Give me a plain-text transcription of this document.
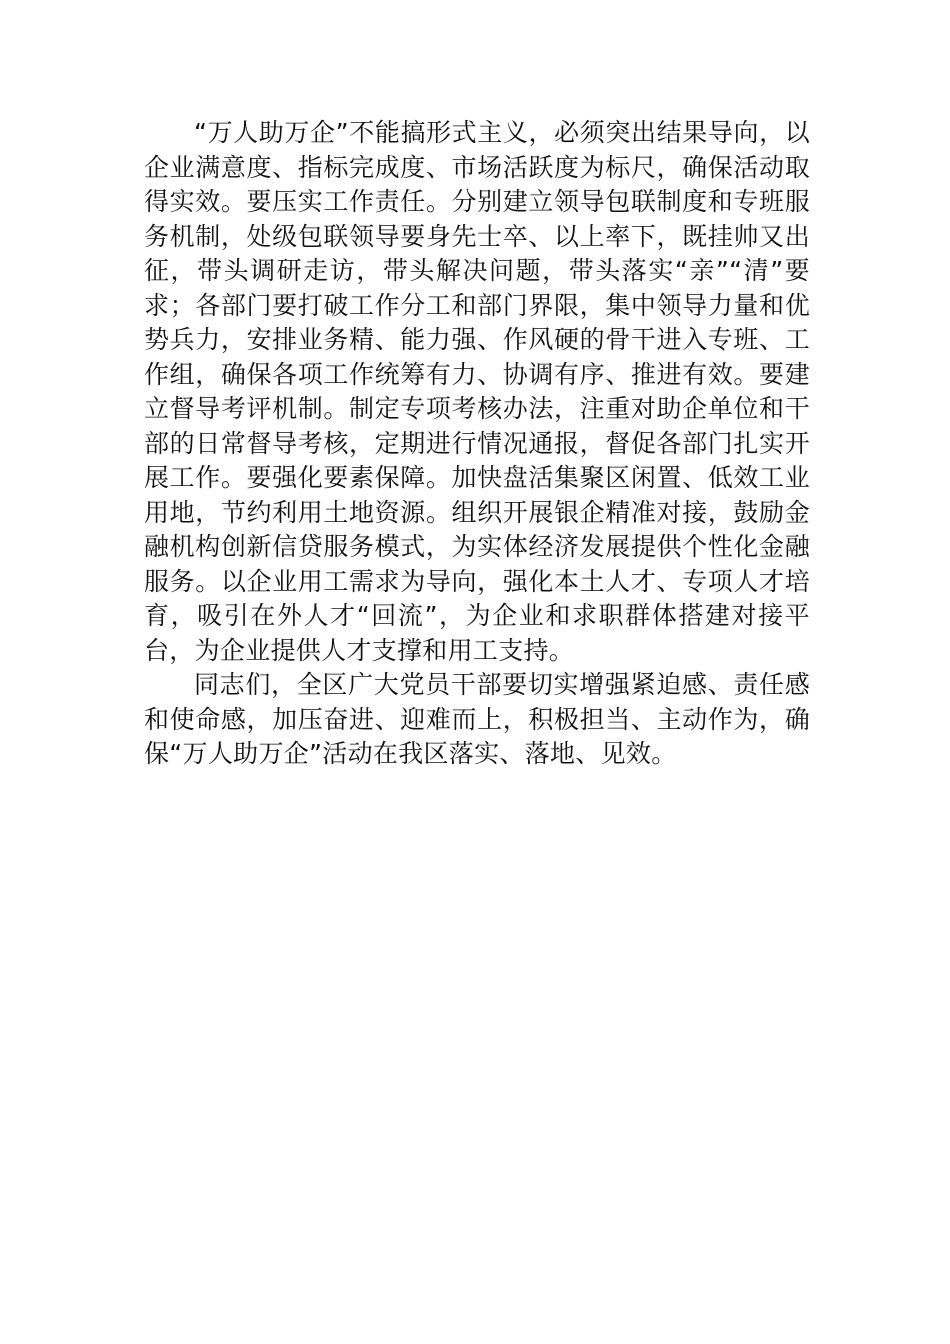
“万人助万企”不能搞形式主义，必须突出结果导向，以企业满意度、指标完成度、市场活跃度为标尺，确保活动取得实效。要压实工作责任。分别建立领导包联制度和专班服务机制，处级包联领导要身先士卒、以上率下，既挂帅又出征，带头调研走访，带头解决问题，带头落实“亲”“清”要求；各部门要打破工作分工和部门界限，集中领导力量和优势兵力，安排业务精、能力强、作风硬的骨干进入专班、工作组，确保各项工作统筹有力、协调有序、推进有效。要建立督导考评机制。制定专项考核办法，注重对助企单位和干部的日常督导考核，定期进行情况通报，督促各部门扎实开展工作。要强化要素保障。加快盘活集聚区闲置、低效工业用地，节约利用土地资源。组织开展银企精准对接，鼓励金融机构创新信贷服务模式，为实体经济发展提供个性化金融服务。以企业用工需求为导向，强化本土人才、专项人才培育，吸引在外人才“回流”，为企业和求职群体搭建对接平台，为企业提供人才支撑和用工支持。

同志们，全区广大党员干部要切实增强紧迫感、责任感和使命感，加压奋进、迎难而上，积极担当、主动作为，确保“万人助万企”活动在我区落实、落地、见效。
